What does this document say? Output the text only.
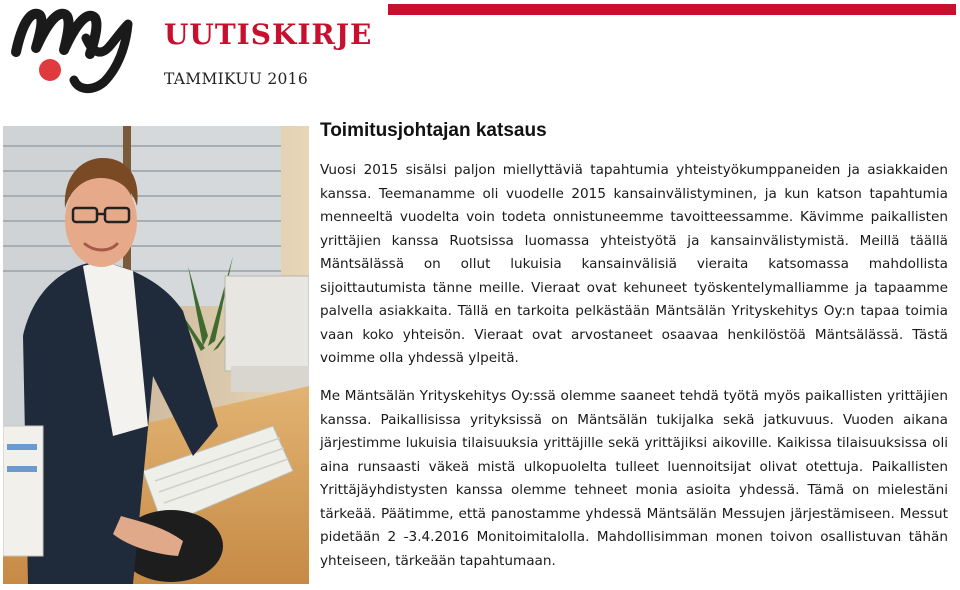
UUTISKIRJE
TAMMIKUU 2016
Toimitusjohtajan katsaus

Vuosi 2015 sisälsi paljon miellyttäviä tapahtumia yhteistyökumppaneiden ja asiakkaiden kanssa. Teemanamme oli vuodelle 2015 kansainvälistyminen, ja kun katson tapahtumia menneeltä vuodelta voin todeta onnistuneemme tavoitteessamme. Kävimme paikallisten yrittäjien kanssa Ruotsissa luomassa yhteistyötä ja kansainvälistymistä. Meillä täällä Mäntsälässä on ollut lukuisia kansainvälisiä vieraita katsomassa mahdollista sijoittautumista tänne meille. Vieraat ovat kehuneet työskentelymalliamme ja tapaamme palvella asiakkaita. Tällä en tarkoita pelkästään Mäntsälän Yrityskehitys Oy:n tapaa toimia vaan koko yhteisön. Vieraat ovat arvostaneet osaavaa henkilöstöä Mäntsälässä. Tästä voimme olla yhdessä ylpeitä.

Me Mäntsälän Yrityskehitys Oy:ssä olemme saaneet tehdä työtä myös paikallisten yrittäjien kanssa. Paikallisissa yrityksissä on Mäntsälän tukijalka sekä jatkuvuus. Vuoden aikana järjestimme lukuisia tilaisuuksia yrittäjille sekä yrittäjiksi aikoville. Kaikissa tilaisuuksissa oli aina runsaasti väkeä mistä ulkopuolelta tulleet luennoitsijat olivat otettuja. Paikallisten Yrittäjäyhdistysten kanssa olemme tehneet monia asioita yhdessä. Tämä on mielestäni tärkeää. Päätimme, että panostamme yhdessä Mäntsälän Messujen järjestämiseen. Messut pidetään 2 -3.4.2016 Monitoimitalolla. Mahdollisimman monen toivon osallistuvan tähän yhteiseen, tärkeään tapahtumaan.
